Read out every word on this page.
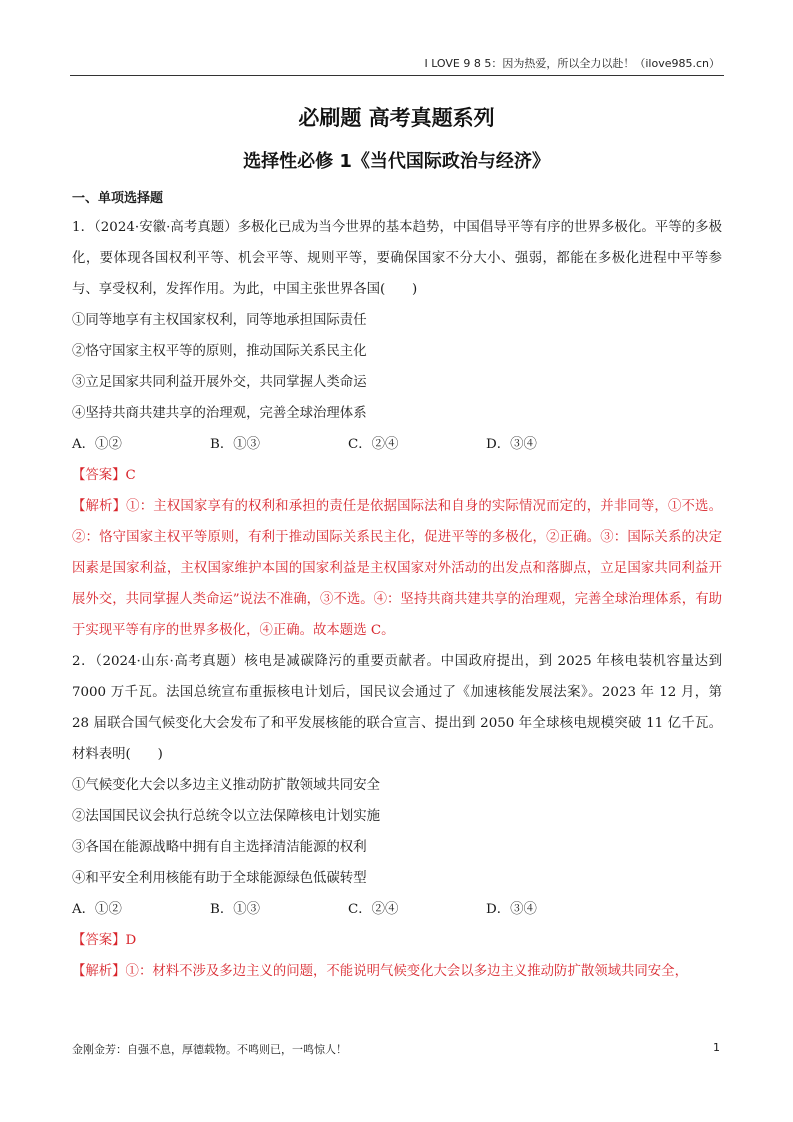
I LOVE 9 8 5：因为热爱，所以全力以赴！（ilove985.cn）
必刷题 高考真题系列
选择性必修 1《当代国际政治与经济》
一、单项选择题

1．（2024·安徽·高考真题）多极化已成为当今世界的基本趋势，中国倡导平等有序的世界多极化。平等的多极化，要体现各国权利平等、机会平等、规则平等，要确保国家不分大小、强弱，都能在多极化进程中平等参与、享受权利，发挥作用。为此，中国主张世界各国(　　)

①同等地享有主权国家权利，同等地承担国际责任

②恪守国家主权平等的原则，推动国际关系民主化

③立足国家共同利益开展外交，共同掌握人类命运

④坚持共商共建共享的治理观，完善全球治理体系

A．①②	B．①③	C．②④	D．③④

【答案】C

【解析】①：主权国家享有的权利和承担的责任是依据国际法和自身的实际情况而定的，并非同等，①不选。②：恪守国家主权平等原则，有利于推动国际关系民主化，促进平等的多极化，②正确。③：国际关系的决定因素是国家利益，主权国家维护本国的国家利益是主权国家对外活动的出发点和落脚点，立足国家共同利益开展外交，共同掌握人类命运”说法不准确，③不选。④：坚持共商共建共享的治理观，完善全球治理体系，有助于实现平等有序的世界多极化，④正确。故本题选 C。

2．（2024·山东·高考真题）核电是减碳降污的重要贡献者。中国政府提出，到 2025 年核电装机容量达到 7000 万千瓦。法国总统宣布重振核电计划后，国民议会通过了《加速核能发展法案》。2023 年 12 月，第 28 届联合国气候变化大会发布了和平发展核能的联合宣言、提出到 2050 年全球核电规模突破 11 亿千瓦。材料表明(　　)

①气候变化大会以多边主义推动防扩散领域共同安全

②法国国民议会执行总统令以立法保障核电计划实施

③各国在能源战略中拥有自主选择清洁能源的权利

④和平安全利用核能有助于全球能源绿色低碳转型

A．①②	B．①③	C．②④	D．③④

【答案】D

【解析】①：材料不涉及多边主义的问题，不能说明气候变化大会以多边主义推动防扩散领域共同安全，

金刚金芳：自强不息，厚德载物。不鸣则已，一鸣惊人！	1
